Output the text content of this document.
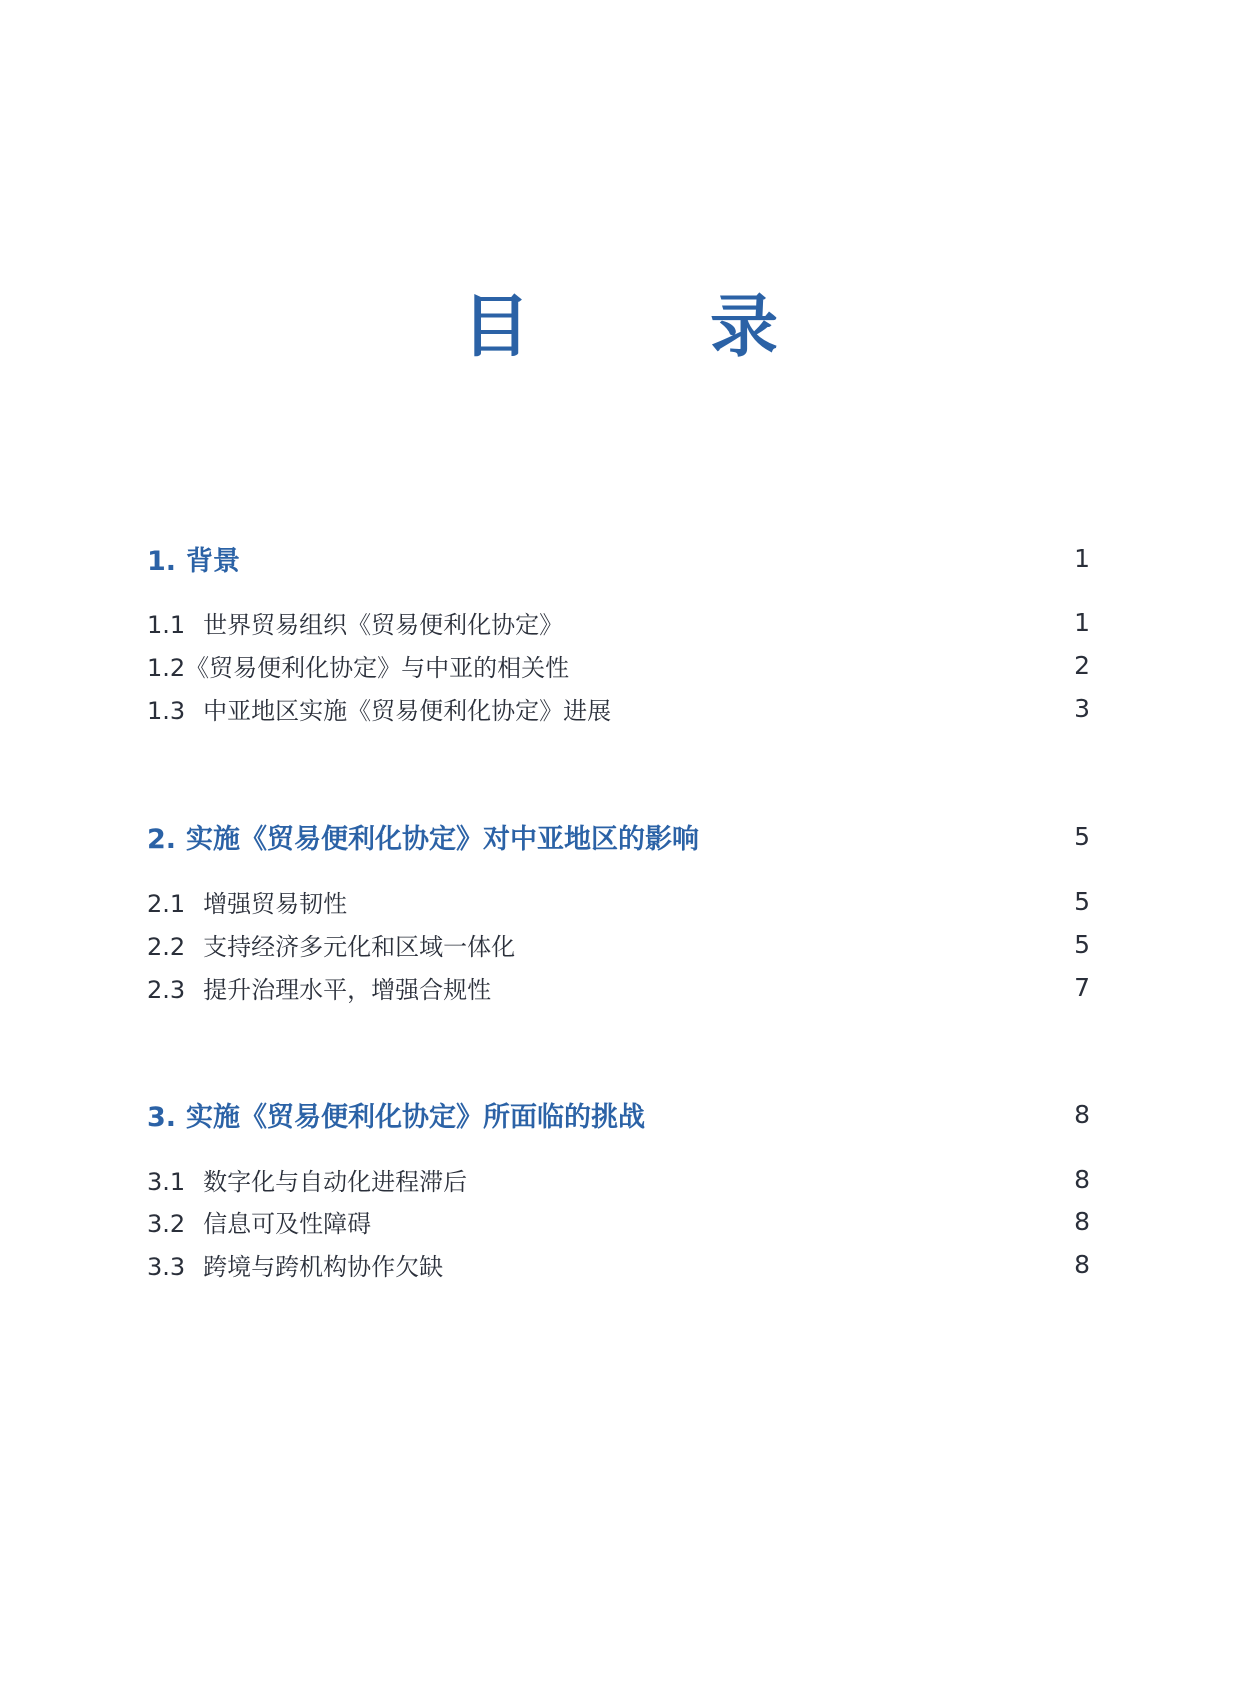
目　录
1. 背景	1
1.1 世界贸易组织《贸易便利化协定》	1
1.2《贸易便利化协定》与中亚的相关性	2
1.3 中亚地区实施《贸易便利化协定》进展	3
2. 实施《贸易便利化协定》对中亚地区的影响	5
2.1 增强贸易韧性	5
2.2 支持经济多元化和区域一体化	5
2.3 提升治理水平，增强合规性	7
3. 实施《贸易便利化协定》所面临的挑战	8
3.1 数字化与自动化进程滞后	8
3.2 信息可及性障碍	8
3.3 跨境与跨机构协作欠缺	8
